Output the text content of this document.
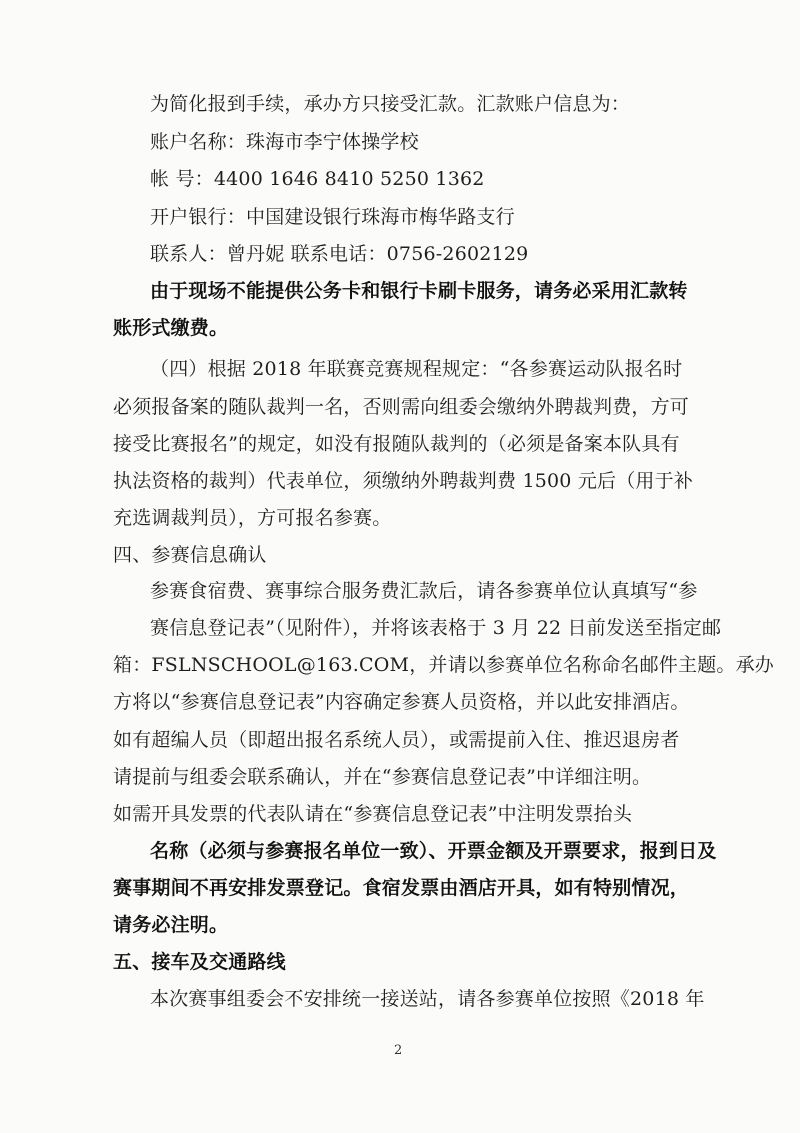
为简化报到手续，承办方只接受汇款。汇款账户信息为：
账户名称：珠海市李宁体操学校
帐 号：4400 1646 8410 5250 1362
开户银行：中国建设银行珠海市梅华路支行
联系人：曾丹妮 联系电话：0756-2602129
由于现场不能提供公务卡和银行卡刷卡服务，请务必采用汇款转
账形式缴费。
（四）根据 2018 年联赛竞赛规程规定：“各参赛运动队报名时
必须报备案的随队裁判一名，否则需向组委会缴纳外聘裁判费，方可
接受比赛报名”的规定，如没有报随队裁判的（必须是备案本队具有
执法资格的裁判）代表单位，须缴纳外聘裁判费 1500 元后（用于补
充选调裁判员），方可报名参赛。
四、参赛信息确认
参赛食宿费、赛事综合服务费汇款后，请各参赛单位认真填写“参
赛信息登记表”（见附件），并将该表格于 3 月 22 日前发送至指定邮
箱：FSLNSCHOOL@163.COM，并请以参赛单位名称命名邮件主题。承办
方将以“参赛信息登记表”内容确定参赛人员资格，并以此安排酒店。
如有超编人员（即超出报名系统人员），或需提前入住、推迟退房者
请提前与组委会联系确认，并在“参赛信息登记表”中详细注明。
如需开具发票的代表队请在“参赛信息登记表”中注明发票抬头
名称（必须与参赛报名单位一致）、开票金额及开票要求，报到日及
赛事期间不再安排发票登记。食宿发票由酒店开具，如有特别情况，
请务必注明。
五、接车及交通路线
本次赛事组委会不安排统一接送站，请各参赛单位按照《2018 年
2
